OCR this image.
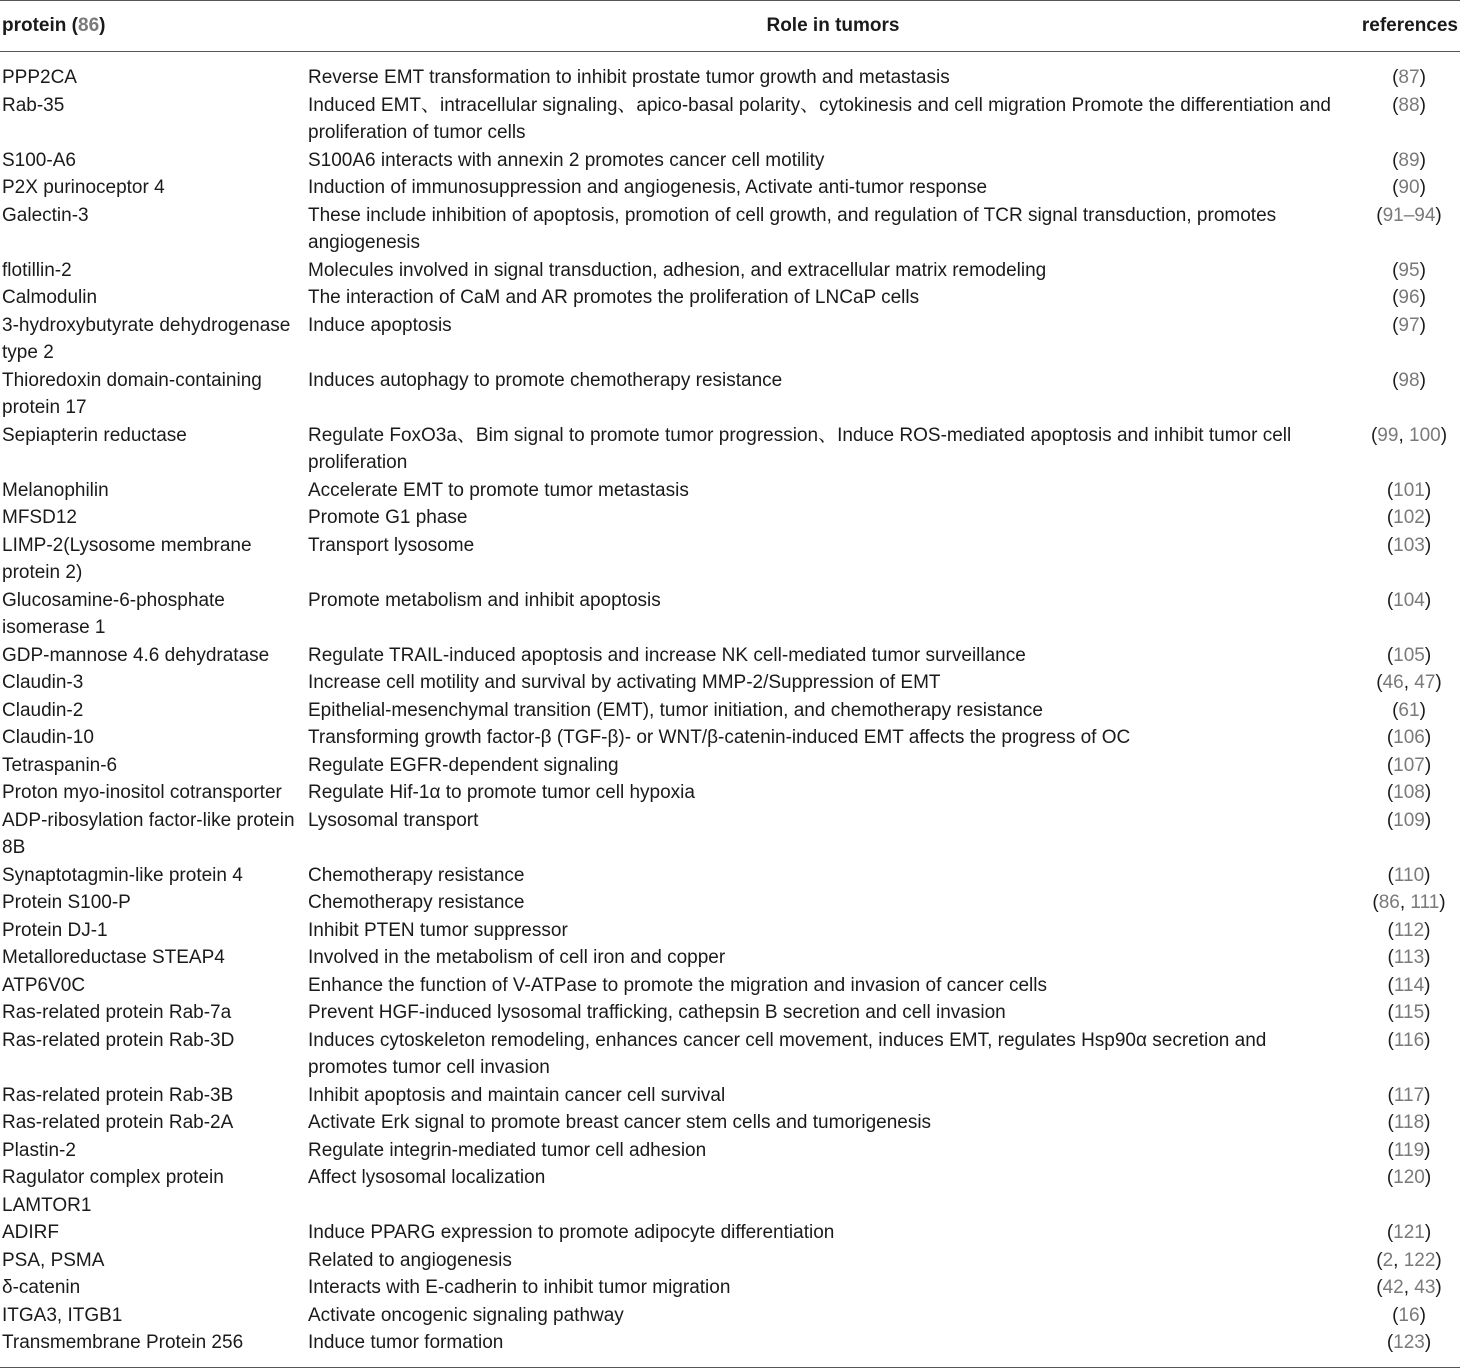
protein (86)	Role in tumors	references
PPP2CA	Reverse EMT transformation to inhibit prostate tumor growth and metastasis	(87)
Rab-35	Induced EMT、intracellular signaling、apico-basal polarity、cytokinesis and cell migration Promote the differentiation and proliferation of tumor cells	(88)
S100-A6	S100A6 interacts with annexin 2 promotes cancer cell motility	(89)
P2X purinoceptor 4	Induction of immunosuppression and angiogenesis, Activate anti-tumor response	(90)
Galectin-3	These include inhibition of apoptosis, promotion of cell growth, and regulation of TCR signal transduction, promotes angiogenesis	(91–94)
flotillin-2	Molecules involved in signal transduction, adhesion, and extracellular matrix remodeling	(95)
Calmodulin	The interaction of CaM and AR promotes the proliferation of LNCaP cells	(96)
3-hydroxybutyrate dehydrogenase type 2	Induce apoptosis	(97)
Thioredoxin domain-containing protein 17	Induces autophagy to promote chemotherapy resistance	(98)
Sepiapterin reductase	Regulate FoxO3a、Bim signal to promote tumor progression、Induce ROS-mediated apoptosis and inhibit tumor cell proliferation	(99, 100)
Melanophilin	Accelerate EMT to promote tumor metastasis	(101)
MFSD12	Promote G1 phase	(102)
LIMP-2(Lysosome membrane protein 2)	Transport lysosome	(103)
Glucosamine-6-phosphate isomerase 1	Promote metabolism and inhibit apoptosis	(104)
GDP-mannose 4.6 dehydratase	Regulate TRAIL-induced apoptosis and increase NK cell-mediated tumor surveillance	(105)
Claudin-3	Increase cell motility and survival by activating MMP-2/Suppression of EMT	(46, 47)
Claudin-2	Epithelial-mesenchymal transition (EMT), tumor initiation, and chemotherapy resistance	(61)
Claudin-10	Transforming growth factor-β (TGF-β)- or WNT/β-catenin-induced EMT affects the progress of OC	(106)
Tetraspanin-6	Regulate EGFR-dependent signaling	(107)
Proton myo-inositol cotransporter	Regulate Hif-1α to promote tumor cell hypoxia	(108)
ADP-ribosylation factor-like protein 8B	Lysosomal transport	(109)
Synaptotagmin-like protein 4	Chemotherapy resistance	(110)
Protein S100-P	Chemotherapy resistance	(86, 111)
Protein DJ-1	Inhibit PTEN tumor suppressor	(112)
Metalloreductase STEAP4	Involved in the metabolism of cell iron and copper	(113)
ATP6V0C	Enhance the function of V-ATPase to promote the migration and invasion of cancer cells	(114)
Ras-related protein Rab-7a	Prevent HGF-induced lysosomal trafficking, cathepsin B secretion and cell invasion	(115)
Ras-related protein Rab-3D	Induces cytoskeleton remodeling, enhances cancer cell movement, induces EMT, regulates Hsp90α secretion and promotes tumor cell invasion	(116)
Ras-related protein Rab-3B	Inhibit apoptosis and maintain cancer cell survival	(117)
Ras-related protein Rab-2A	Activate Erk signal to promote breast cancer stem cells and tumorigenesis	(118)
Plastin-2	Regulate integrin-mediated tumor cell adhesion	(119)
Ragulator complex protein LAMTOR1	Affect lysosomal localization	(120)
ADIRF	Induce PPARG expression to promote adipocyte differentiation	(121)
PSA, PSMA	Related to angiogenesis	(2, 122)
δ-catenin	Interacts with E-cadherin to inhibit tumor migration	(42, 43)
ITGA3, ITGB1	Activate oncogenic signaling pathway	(16)
Transmembrane Protein 256	Induce tumor formation	(123)
